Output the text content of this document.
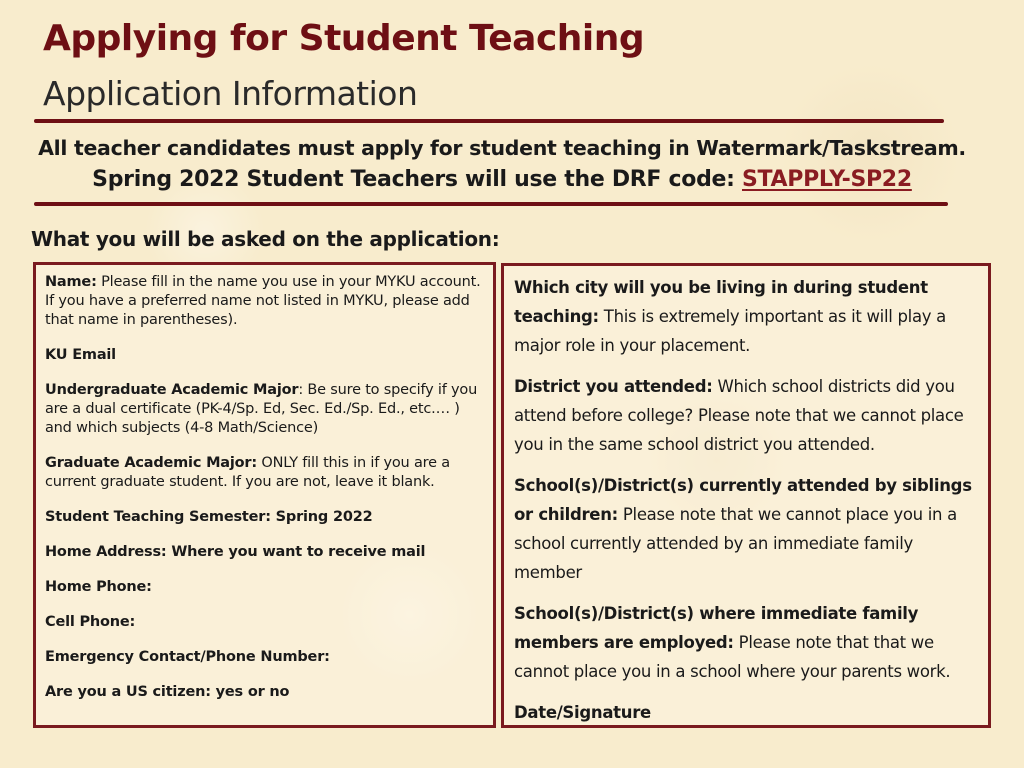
Applying for Student Teaching
Application Information
All teacher candidates must apply for student teaching in Watermark/Taskstream.
Spring 2022 Student Teachers will use the DRF code: STAPPLY-SP22
What you will be asked on the application:

Name: Please fill in the name you use in your MYKU account. If you have a preferred name not listed in MYKU, please add that name in parentheses).

KU Email

Undergraduate Academic Major: Be sure to specify if you are a dual certificate (PK-4/Sp. Ed, Sec. Ed./Sp. Ed., etc.… ) and which subjects (4-8 Math/Science)

Graduate Academic Major: ONLY fill this in if you are a current graduate student. If you are not, leave it blank.

Student Teaching Semester: Spring 2022

Home Address: Where you want to receive mail

Home Phone:

Cell Phone:

Emergency Contact/Phone Number:

Are you a US citizen: yes or no

Which city will you be living in during student teaching: This is extremely important as it will play a major role in your placement.

District you attended: Which school districts did you attend before college? Please note that we cannot place you in the same school district you attended.

School(s)/District(s) currently attended by siblings or children: Please note that we cannot place you in a school currently attended by an immediate family member

School(s)/District(s) where immediate family members are employed: Please note that that we cannot place you in a school where your parents work.

Date/Signature
